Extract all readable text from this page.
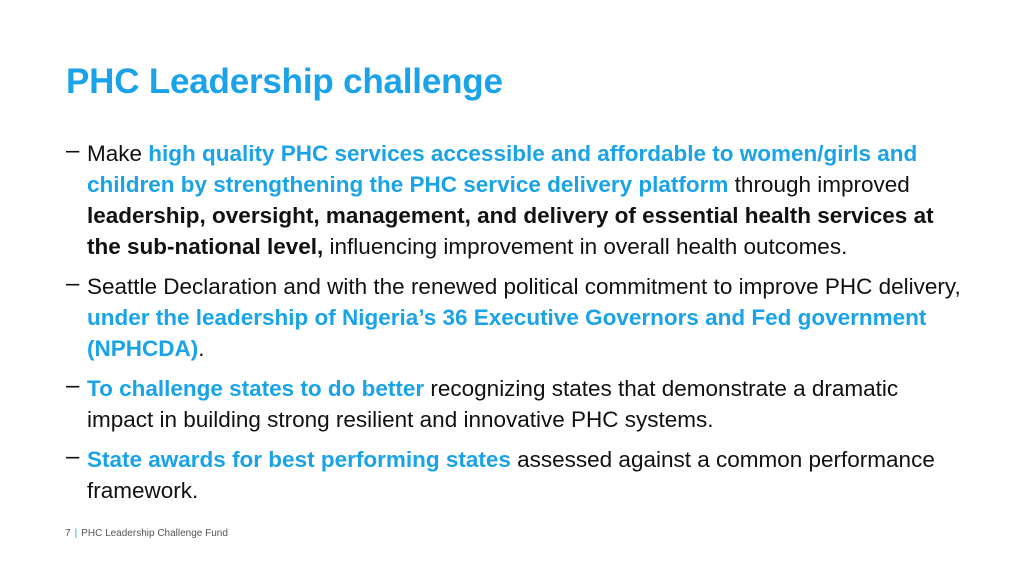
PHC Leadership challenge
– Make high quality PHC services accessible and affordable to women/girls and children by strengthening the PHC service delivery platform through improved leadership, oversight, management, and delivery of essential health services at the sub-national level, influencing improvement in overall health outcomes.
– Seattle Declaration and with the renewed political commitment to improve PHC delivery, under the leadership of Nigeria’s 36 Executive Governors and Fed government (NPHCDA).
– To challenge states to do better recognizing states that demonstrate a dramatic impact in building strong resilient and innovative PHC systems.
– State awards for best performing states assessed against a common performance framework.
7 | PHC Leadership Challenge Fund
